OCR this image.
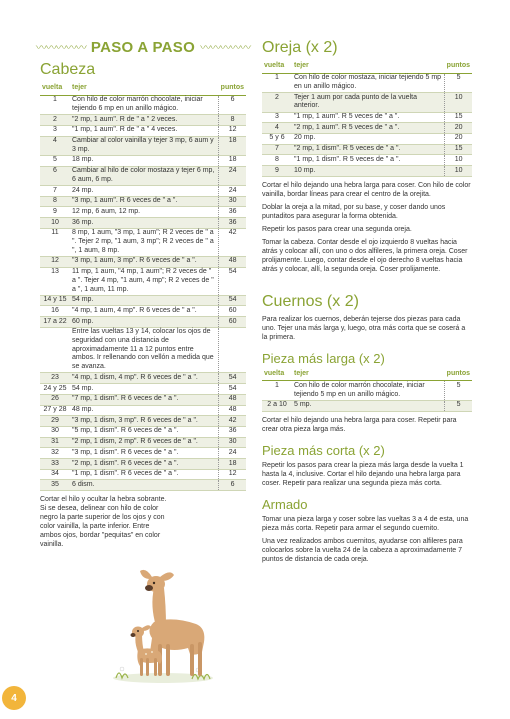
〰〰〰〰〰 PASO A PASO 〰〰〰〰〰
Cabeza
vuelta	tejer	puntos
1	Con hilo de color marrón chocolate, iniciar tejiendo 6 mp en un anillo mágico.	6
2	"2 mp, 1 aum". R de " a " 2 veces.	8
3	"1 mp, 1 aum". R de " a " 4 veces.	12
4	Cambiar al color vainilla y tejer 3 mp, 6 aum y 3 mp.	18
5	18 mp.	18
6	Cambiar al hilo de color mostaza y tejer 6 mp, 6 aum, 6 mp.	24
7	24 mp.	24
8	"3 mp, 1 aum". R 6 veces de " a ".	30
9	12 mp, 6 aum, 12 mp.	36
10	36 mp.	36
11	8 mp, 1 aum, "3 mp, 1 aum"; R 2 veces de " a ". Tejer 2 mp, "1 aum, 3 mp"; R 2 veces de " a ", 1 aum, 8 mp.	42
12	"3 mp, 1 aum, 3 mp". R 6 veces de " a ".	48
13	11 mp, 1 aum, "4 mp, 1 aum"; R 2 veces de " a ". Tejer 4 mp, "1 aum, 4 mp"; R 2 veces de " a ", 1 aum, 11 mp.	54
14 y 15	54 mp.	54
16	"4 mp, 1 aum, 4 mp". R 6 veces de " a ".	60
17 a 22	60 mp.	60
	Entre las vueltas 13 y 14, colocar los ojos de seguridad con una distancia de aproximadamente 11 a 12 puntos entre ambos. Ir rellenando con vellón a medida que se avanza.	
23	"4 mp, 1 dism, 4 mp". R 6 veces de " a ".	54
24 y 25	54 mp.	54
26	"7 mp, 1 dism". R 6 veces de " a ".	48
27 y 28	48 mp.	48
29	"3 mp, 1 dism, 3 mp". R 6 veces de " a ".	42
30	"5 mp, 1 dism". R 6 veces de " a ".	36
31	"2 mp, 1 dism, 2 mp". R 6 veces de " a ".	30
32	"3 mp, 1 dism". R 6 veces de " a ".	24
33	"2 mp, 1 dism". R 6 veces de " a ".	18
34	"1 mp, 1 dism". R 6 veces de " a ".	12
35	6 dism.	6
Cortar el hilo y ocultar la hebra sobrante. Si se desea, delinear con hilo de color negro la parte superior de los ojos y con color vainilla, la parte inferior. Entre ambos ojos, bordar "pequitas" en color vainilla.
Oreja (x 2)
vuelta	tejer	puntos
1	Con hilo de color mostaza, iniciar tejiendo 5 mp en un anillo mágico.	5
2	Tejer 1 aum por cada punto de la vuelta anterior.	10
3	"1 mp, 1 aum". R 5 veces de " a ".	15
4	"2 mp, 1 aum". R 5 veces de " a ".	20
5 y 6	20 mp.	20
7	"2 mp, 1 dism". R 5 veces de " a ".	15
8	"1 mp, 1 dism". R 5 veces de " a ".	10
9	10 mp.	10
Cortar el hilo dejando una hebra larga para coser. Con hilo de color vainilla, bordar líneas para crear el centro de la orejita.
Doblar la oreja a la mitad, por su base, y coser dando unos puntaditos para asegurar la forma obtenida.
Repetir los pasos para crear una segunda oreja.
Tomar la cabeza. Contar desde el ojo izquierdo 8 vueltas hacia atrás y colocar allí, con uno o dos alfileres, la primera oreja. Coser prolijamente. Luego, contar desde el ojo derecho 8 vueltas hacia atrás y colocar, allí, la segunda oreja. Coser prolijamente.
Cuernos (x 2)
Para realizar los cuernos, deberán tejerse dos piezas para cada uno. Tejer una más larga y, luego, otra más corta que se coserá a la primera.
Pieza más larga (x 2)
vuelta	tejer	puntos
1	Con hilo de color marrón chocolate, iniciar tejiendo 5 mp en un anillo mágico.	5
2 a 10	5 mp.	5
Cortar el hilo dejando una hebra larga para coser. Repetir para crear otra pieza larga más.
Pieza más corta (x 2)
Repetir los pasos para crear la pieza más larga desde la vuelta 1 hasta la 4, inclusive. Cortar el hilo dejando una hebra larga para coser. Repetir para realizar una segunda pieza más corta.
Armado
Tomar una pieza larga y coser sobre las vueltas 3 a 4 de esta, una pieza más corta. Repetir para armar el segundo cuernito.
Una vez realizados ambos cuernitos, ayudarse con alfileres para colocarlos sobre la vuelta 24 de la cabeza a aproximadamente 7 puntos de distancia de cada oreja.
4
